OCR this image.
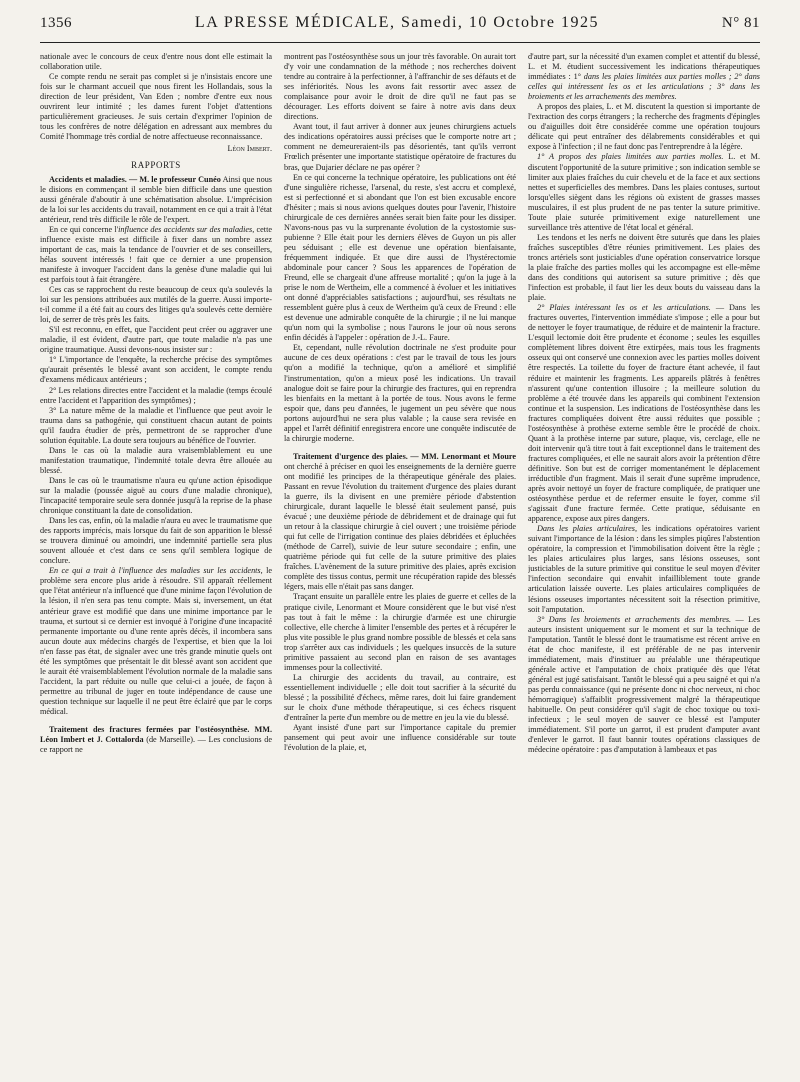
1356	LA PRESSE MÉDICALE, Samedi, 10 Octobre 1925	N° 81

nationale avec le concours de ceux d'entre nous dont elle estimait la collaboration utile.

Ce compte rendu ne serait pas complet si je n'insistais encore une fois sur le charmant accueil que nous firent les Hollandais, sous la direction de leur président, Van Eden ; nombre d'entre eux nous ouvrirent leur intimité ; les dames furent l'objet d'attentions particulièrement gracieuses. Je suis certain d'exprimer l'opinion de tous les confrères de notre délégation en adressant aux membres du Comité l'hommage très cordial de notre affectueuse reconnaissance.

Léon Imbert.

RAPPORTS

Accidents et maladies. — M. le professeur Cunéo Ainsi que nous le disions en commençant il semble bien difficile dans une question aussi générale d'aboutir à une schématisation absolue. L'imprécision de la loi sur les accidents du travail, notamment en ce qui a trait à l'état antérieur, rend très difficile le rôle de l'expert.

En ce qui concerne l'influence des accidents sur des maladies, cette influence existe mais est difficile à fixer dans un nombre assez important de cas, mais la tendance de l'ouvrier et de ses conseillers, hélas souvent intéressés ! fait que ce dernier a une propension manifeste à invoquer l'accident dans la genèse d'une maladie qui lui est parfois tout à fait étrangère.

Ces cas se rapprochent du reste beaucoup de ceux qu'a soulevés la loi sur les pensions attribuées aux mutilés de la guerre. Aussi importe-t-il comme il a été fait au cours des litiges qu'a soulevés cette dernière loi, de serrer de très près les faits.

S'il est reconnu, en effet, que l'accident peut créer ou aggraver une maladie, il est évident, d'autre part, que toute maladie n'a pas une origine traumatique. Aussi devons-nous insister sur :

1° L'importance de l'enquête, la recherche précise des symptômes qu'aurait présentés le blessé avant son accident, le compte rendu d'examens médicaux antérieurs ;

2° Les relations directes entre l'accident et la maladie (temps écoulé entre l'accident et l'apparition des symptômes) ;

3° La nature même de la maladie et l'influence que peut avoir le trauma dans sa pathogénie, qui constituent chacun autant de points qu'il faudra étudier de près, permettront de se rapprocher d'une solution équitable. La doute sera toujours au bénéfice de l'ouvrier.

Dans le cas où la maladie aura vraisemblablement eu une manifestation traumatique, l'indemnité totale devra être allouée au blessé.

Dans le cas où le traumatisme n'aura eu qu'une action épisodique sur la maladie (poussée aiguë au cours d'une maladie chronique), l'incapacité temporaire seule sera donnée jusqu'à la reprise de la phase chronique constituant la date de consolidation.

Dans les cas, enfin, où la maladie n'aura eu avec le traumatisme que des rapports imprécis, mais lorsque du fait de son apparition le blessé se trouvera diminué ou amoindri, une indemnité partielle sera plus souvent allouée et c'est dans ce sens qu'il semblera logique de conclure.

En ce qui a trait à l'influence des maladies sur les accidents, le problème sera encore plus aride à résoudre. S'il apparaît réellement que l'état antérieur n'a influencé que d'une minime façon l'évolution de la lésion, il n'en sera pas tenu compte. Mais si, inversement, un état antérieur grave est modifié que dans une minime importance par le trauma, et surtout si ce dernier est invoqué à l'origine d'une incapacité permanente importante ou d'une rente après décès, il incombera sans aucun doute aux médecins chargés de l'expertise, et bien que la loi n'en fasse pas état, de signaler avec une très grande minutie quels ont été les symptômes que présentait le dit blessé avant son accident que le aurait été vraisemblablement l'évolution normale de la maladie sans l'accident, la part réduite ou nulle que celui-ci a jouée, de façon à permettre au tribunal de juger en toute indépendance de cause une question technique sur laquelle il ne peut être éclairé que par le corps médical.

Traitement des fractures fermées par l'ostéosynthèse. MM. Léon Imbert et J. Cottalorda (de Marseille). — Les conclusions de ce rapport ne

montrent pas l'ostéosynthèse sous un jour très favorable. On aurait tort d'y voir une condamnation de la méthode ; nos recherches doivent tendre au contraire à la perfectionner, à l'affranchir de ses défauts et de ses infériorités. Nous les avons fait ressortir avec assez de complaisance pour avoir le droit de dire qu'il ne faut pas se décourager. Les efforts doivent se faire à notre avis dans deux directions.

Avant tout, il faut arriver à donner aux jeunes chirurgiens actuels des indications opératoires aussi précises que le comporte notre art ; comment ne demeureraient-ils pas désorientés, tant qu'ils verront Frœlich présenter une importante statistique opératoire de fractures du bras, que Dujarier déclare ne pas opérer ?

En ce qui concerne la technique opératoire, les publications ont été d'une singulière richesse, l'arsenal, du reste, s'est accru et complexé, est si perfectionné et si abondant que l'on est bien excusable encore d'hésiter ; mais si nous avions quelques doutes pour l'avenir, l'histoire chirurgicale de ces dernières années serait bien faite pour les dissiper. N'avons-nous pas vu la surprenante évolution de la cystostomie sus-pubienne ? Elle était pour les derniers élèves de Guyon un pis aller peu séduisant ; elle est devenue une opération bienfaisante, fréquemment indiquée. Et que dire aussi de l'hystérectomie abdominale pour cancer ? Sous les apparences de l'opération de Freund, elle se chargeait d'une affreuse mortalité ; qu'on la juge à la prise le nom de Wertheim, elle a commencé à évoluer et les initiatives ont donné d'appréciables satisfactions ; aujourd'hui, ses résultats ne ressemblent guère plus à ceux de Wertheim qu'à ceux de Freund : elle est devenue une admirable conquête de la chirurgie ; il ne lui manque qu'un nom qui la symbolise ; nous l'aurons le jour où nous serons enfin décidés à l'appeler : opération de J.-L. Faure.

Et, cependant, nulle révolution doctrinale ne s'est produite pour aucune de ces deux opérations : c'est par le travail de tous les jours qu'on a modifié la technique, qu'on a amélioré et simplifié l'instrumentation, qu'on a mieux posé les indications. Un travail analogue doit se faire pour la chirurgie des fractures, qui en reprendra les bienfaits en la mettant à la portée de tous. Nous avons le ferme espoir que, dans peu d'années, le jugement un peu sévère que nous portons aujourd'hui ne sera plus valable ; la cause sera revisée en appel et l'arrêt définitif enregistrera encore une conquête indiscutée de la chirurgie moderne.

Traitement d'urgence des plaies. — MM. Lenormant et Moure ont cherché à préciser en quoi les enseignements de la dernière guerre ont modifié les principes de la thérapeutique générale des plaies. Passant en revue l'évolution du traitement d'urgence des plaies durant la guerre, ils la divisent en une première période d'abstention chirurgicale, durant laquelle le blessé était seulement pansé, puis évacué ; une deuxième période de débridement et de drainage qui fut un retour à la classique chirurgie à ciel ouvert ; une troisième période qui fut celle de l'irrigation continue des plaies débridées et épluchées (méthode de Carrel), suivie de leur suture secondaire ; enfin, une quatrième période qui fut celle de la suture primitive des plaies fraîches. L'avènement de la suture primitive des plaies, après excision complète des tissus contus, permit une récupération rapide des blessés légers, mais elle n'était pas sans danger.

Traçant ensuite un parallèle entre les plaies de guerre et celles de la pratique civile, Lenormant et Moure considèrent que le but visé n'est pas tout à fait le même : la chirurgie d'armée est une chirurgie collective, elle cherche à limiter l'ensemble des pertes et à récupérer le plus vite possible le plus grand nombre possible de blessés et cela sans trop s'arrêter aux cas individuels ; les quelques insuccès de la suture primitive passaient au second plan en raison de ses avantages immenses pour la collectivité.

La chirurgie des accidents du travail, au contraire, est essentiellement individuelle ; elle doit tout sacrifier à la sécurité du blessé ; la possibilité d'échecs, même rares, doit lui faire grandement sur le choix d'une méthode thérapeutique, si ces échecs risquent d'entraîner la perte d'un membre ou de mettre en jeu la vie du blessé.

Ayant insisté d'une part sur l'importance capitale du premier pansement qui peut avoir une influence considérable sur toute l'évolution de la plaie, et,

d'autre part, sur la nécessité d'un examen complet et attentif du blessé, L. et M. étudient successivement les indications thérapeutiques immédiates : 1° dans les plaies limitées aux parties molles ; 2° dans celles qui intéressent les os et les articulations ; 3° dans les broiements et les arrachements des membres.

A propos des plaies, L. et M. discutent la question si importante de l'extraction des corps étrangers ; la recherche des fragments d'épingles ou d'aiguilles doit être considérée comme une opération toujours délicate qui peut entraîner des délabrements considérables et qui expose à l'infection ; il ne faut donc pas l'entreprendre à la légère.

1° A propos des plaies limitées aux parties molles. L. et M. discutent l'opportunité de la suture primitive ; son indication semble se limiter aux plaies fraîches du cuir chevelu et de la face et aux sections nettes et superficielles des membres. Dans les plaies contuses, surtout lorsqu'elles siègent dans les régions où existent de grasses masses musculaires, il est plus prudent de ne pas tenter la suture primitive. Toute plaie suturée primitivement exige naturellement une surveillance très attentive de l'état local et général.

Les tendons et les nerfs ne doivent être suturés que dans les plaies fraîches susceptibles d'être réunies primitivement. Les plaies des troncs artériels sont justiciables d'une opération conservatrice lorsque la plaie fraîche des parties molles qui les accompagne est elle-même dans des conditions qui autorisent sa suture primitive ; dès que l'infection est probable, il faut lier les deux bouts du vaisseau dans la plaie.

2° Plaies intéressant les os et les articulations. — Dans les fractures ouvertes, l'intervention immédiate s'impose ; elle a pour but de nettoyer le foyer traumatique, de réduire et de maintenir la fracture. L'esquil lectomie doit être prudente et économe ; seules les esquilles complètement libres doivent être extirpées, mais tous les fragments osseux qui ont conservé une connexion avec les parties molles doivent être respectés. La toilette du foyer de fracture étant achevée, il faut réduire et maintenir les fragments. Les appareils plâtrés à fenêtres n'assurent qu'une contention illusoire ; la meilleure solution du problème a été trouvée dans les appareils qui combinent l'extension continue et la suspension. Les indications de l'ostéosynthèse dans les fractures compliquées doivent être aussi réduites que possible ; l'ostéosynthèse à prothèse externe semble être le procédé de choix. Quant à la prothèse interne par suture, plaque, vis, cerclage, elle ne doit intervenir qu'à titre tout à fait exceptionnel dans le traitement des fractures compliquées, et elle ne saurait alors avoir la prétention d'être définitive. Son but est de corriger momentanément le déplacement irréductible d'un fragment. Mais il serait d'une suprême imprudence, après avoir nettoyé un foyer de fracture compliquée, de pratiquer une ostéosynthèse perdue et de refermer ensuite le foyer, comme s'il s'agissait d'une fracture fermée. Cette pratique, séduisante en apparence, expose aux pires dangers.

Dans les plaies articulaires, les indications opératoires varient suivant l'importance de la lésion : dans les simples piqûres l'abstention opératoire, la compression et l'immobilisation doivent être la règle ; les plaies articulaires plus larges, sans lésions osseuses, sont justiciables de la suture primitive qui constitue le seul moyen d'éviter l'infection secondaire qui envahit infailliblement toute grande articulation laissée ouverte. Les plaies articulaires compliquées de lésions osseuses importantes nécessitent soit la résection primitive, soit l'amputation.

3° Dans les broiements et arrachements des membres. — Les auteurs insistent uniquement sur le moment et sur la technique de l'amputation. Tantôt le blessé dont le traumatisme est récent arrive en état de choc manifeste, il est préférable de ne pas intervenir immédiatement, mais d'instituer au préalable une thérapeutique générale active et l'amputation de choix pratiquée dès que l'état général est jugé satisfaisant. Tantôt le blessé qui a peu saigné et qui n'a pas perdu connaissance (qui ne présente donc ni choc nerveux, ni choc hémorragique) s'affaiblit progressivement malgré la thérapeutique habituelle. On peut considérer qu'il s'agit de choc toxique ou toxi-infectieux ; le seul moyen de sauver ce blessé est l'amputer immédiatement. S'il porte un garrot, il est prudent d'amputer avant d'enlever le garrot. Il faut bannir toutes opérations classiques de médecine opératoire : pas d'amputation à lambeaux et pas
